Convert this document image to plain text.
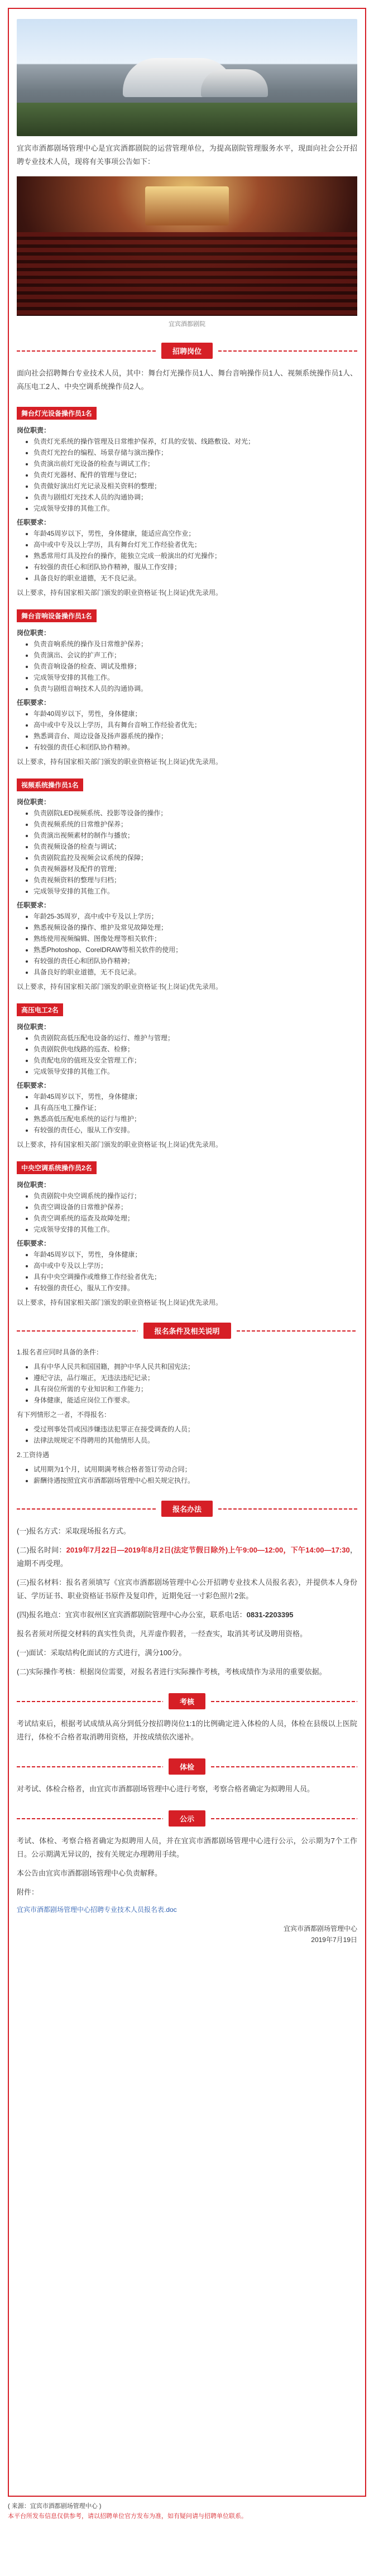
宜宾市酒都剧场管理中心是宜宾酒都剧院的运营管理单位，为提高剧院管理服务水平，现面向社会公开招聘专业技术人员，现将有关事项公告如下：

宜宾酒都剧院
招聘岗位

面向社会招聘舞台专业技术人员，其中：舞台灯光操作员1人、舞台音响操作员1人、视频系统操作员1人、高压电工2人、中央空调系统操作员2人。

舞台灯光设备操作员1名
岗位职责：
• 负责灯光系统的操作管理及日常维护保养，灯具的安装、线路敷设、对光；
• 负责灯光控台的编程、场景存储与演出操作；
• 负责演出前灯光设备的检查与调试工作；
• 负责灯光器材、配件的管理与登记；
• 负责做好演出灯光记录及相关资料的整理；
• 负责与剧组灯光技术人员的沟通协调；
• 完成领导安排的其他工作。
任职要求：
• 年龄45周岁以下，男性，身体健康，能适应高空作业；
• 高中或中专及以上学历，具有舞台灯光工作经验者优先；
• 熟悉常用灯具及控台的操作，能独立完成一般演出的灯光操作；
• 有较强的责任心和团队协作精神，服从工作安排；
• 具备良好的职业道德，无不良记录。
以上要求，持有国家相关部门颁发的职业资格证书(上岗证)优先录用。
舞台音响设备操作员1名
岗位职责：
• 负责音响系统的操作及日常维护保养；
• 负责演出、会议的扩声工作；
• 负责音响设备的检查、调试及维修；
• 完成领导安排的其他工作。
• 负责与剧组音响技术人员的沟通协调。
任职要求：
• 年龄40周岁以下，男性，身体健康；
• 高中或中专及以上学历，具有舞台音响工作经验者优先；
• 熟悉调音台、周边设备及扬声器系统的操作；
• 有较强的责任心和团队协作精神。
以上要求，持有国家相关部门颁发的职业资格证书(上岗证)优先录用。
视频系统操作员1名
岗位职责：
• 负责剧院LED视频系统、投影等设备的操作；
• 负责视频系统的日常维护保养；
• 负责演出视频素材的制作与播放；
• 负责视频设备的检查与调试；
• 负责剧院监控及视频会议系统的保障；
• 负责视频器材及配件的管理；
• 负责视频资料的整理与归档；
• 完成领导安排的其他工作。
任职要求：
• 年龄25-35周岁，高中或中专及以上学历；
• 熟悉视频设备的操作、维护及常见故障处理；
• 熟练使用视频编辑、图像处理等相关软件；
• 熟悉Photoshop、CorelDRAW等相关软件的使用；
• 有较强的责任心和团队协作精神；
• 具备良好的职业道德，无不良记录。
以上要求，持有国家相关部门颁发的职业资格证书(上岗证)优先录用。
高压电工2名
岗位职责：
• 负责剧院高低压配电设备的运行、维护与管理；
• 负责剧院供电线路的巡查、检修；
• 负责配电房的值班及安全管理工作；
• 完成领导安排的其他工作。
任职要求：
• 年龄45周岁以下，男性，身体健康；
• 具有高压电工操作证；
• 熟悉高低压配电系统的运行与维护；
• 有较强的责任心，服从工作安排。
以上要求，持有国家相关部门颁发的职业资格证书(上岗证)优先录用。
中央空调系统操作员2名
岗位职责：
• 负责剧院中央空调系统的操作运行；
• 负责空调设备的日常维护保养；
• 负责空调系统的巡查及故障处理；
• 完成领导安排的其他工作。
任职要求：
• 年龄45周岁以下，男性，身体健康；
• 高中或中专及以上学历；
• 具有中央空调操作或维修工作经验者优先；
• 有较强的责任心，服从工作安排。
以上要求，持有国家相关部门颁发的职业资格证书(上岗证)优先录用。
报名条件及相关说明
1.报名者应同时具备的条件：
• 具有中华人民共和国国籍，拥护中华人民共和国宪法；
• 遵纪守法，品行端正，无违法违纪记录；
• 具有岗位所需的专业知识和工作能力；
• 身体健康，能适应岗位工作要求。
有下列情形之一者，不得报名：
• 受过刑事处罚或因涉嫌违法犯罪正在接受调查的人员；
• 法律法规规定不得聘用的其他情形人员。
2.工资待遇
• 试用期为1个月，试用期满考核合格者签订劳动合同；
• 薪酬待遇按照宜宾市酒都剧场管理中心相关规定执行。
报名办法

(一)报名方式：采取现场报名方式。

(二)报名时间：2019年7月22日—2019年8月2日(法定节假日除外)上午9:00—12:00，下午14:00—17:30，逾期不再受理。

(三)报名材料：报名者须填写《宜宾市酒都剧场管理中心公开招聘专业技术人员报名表》，并提供本人身份证、学历证书、职业资格证书原件及复印件，近期免冠一寸彩色照片2张。

(四)报名地点：宜宾市叙州区宜宾酒都剧院管理中心办公室，联系电话：0831-2203395

报名者须对所提交材料的真实性负责，凡弄虚作假者，一经查实，取消其考试及聘用资格。

(一)面试：采取结构化面试的方式进行，满分100分。

(二)实际操作考核：根据岗位需要，对报名者进行实际操作考核，考核成绩作为录用的重要依据。

考核

考试结束后，根据考试成绩从高分到低分按招聘岗位1:1的比例确定进入体检的人员，体检在县级以上医院进行，体检不合格者取消聘用资格，并按成绩依次递补。

体检

对考试、体检合格者，由宜宾市酒都剧场管理中心进行考察，考察合格者确定为拟聘用人员。

公示

考试、体检、考察合格者确定为拟聘用人员，并在宜宾市酒都剧场管理中心进行公示，公示期为7个工作日。公示期满无异议的，按有关规定办理聘用手续。

本公告由宜宾市酒都剧场管理中心负责解释。

附件：

宜宾市酒都剧场管理中心招聘专业技术人员报名表.doc
宜宾市酒都剧场管理中心
2019年7月19日
( 来源：宜宾市酒都剧场管理中心 )
本平台所发布信息仅供参考，请以招聘单位官方发布为准，如有疑问请与招聘单位联系。
